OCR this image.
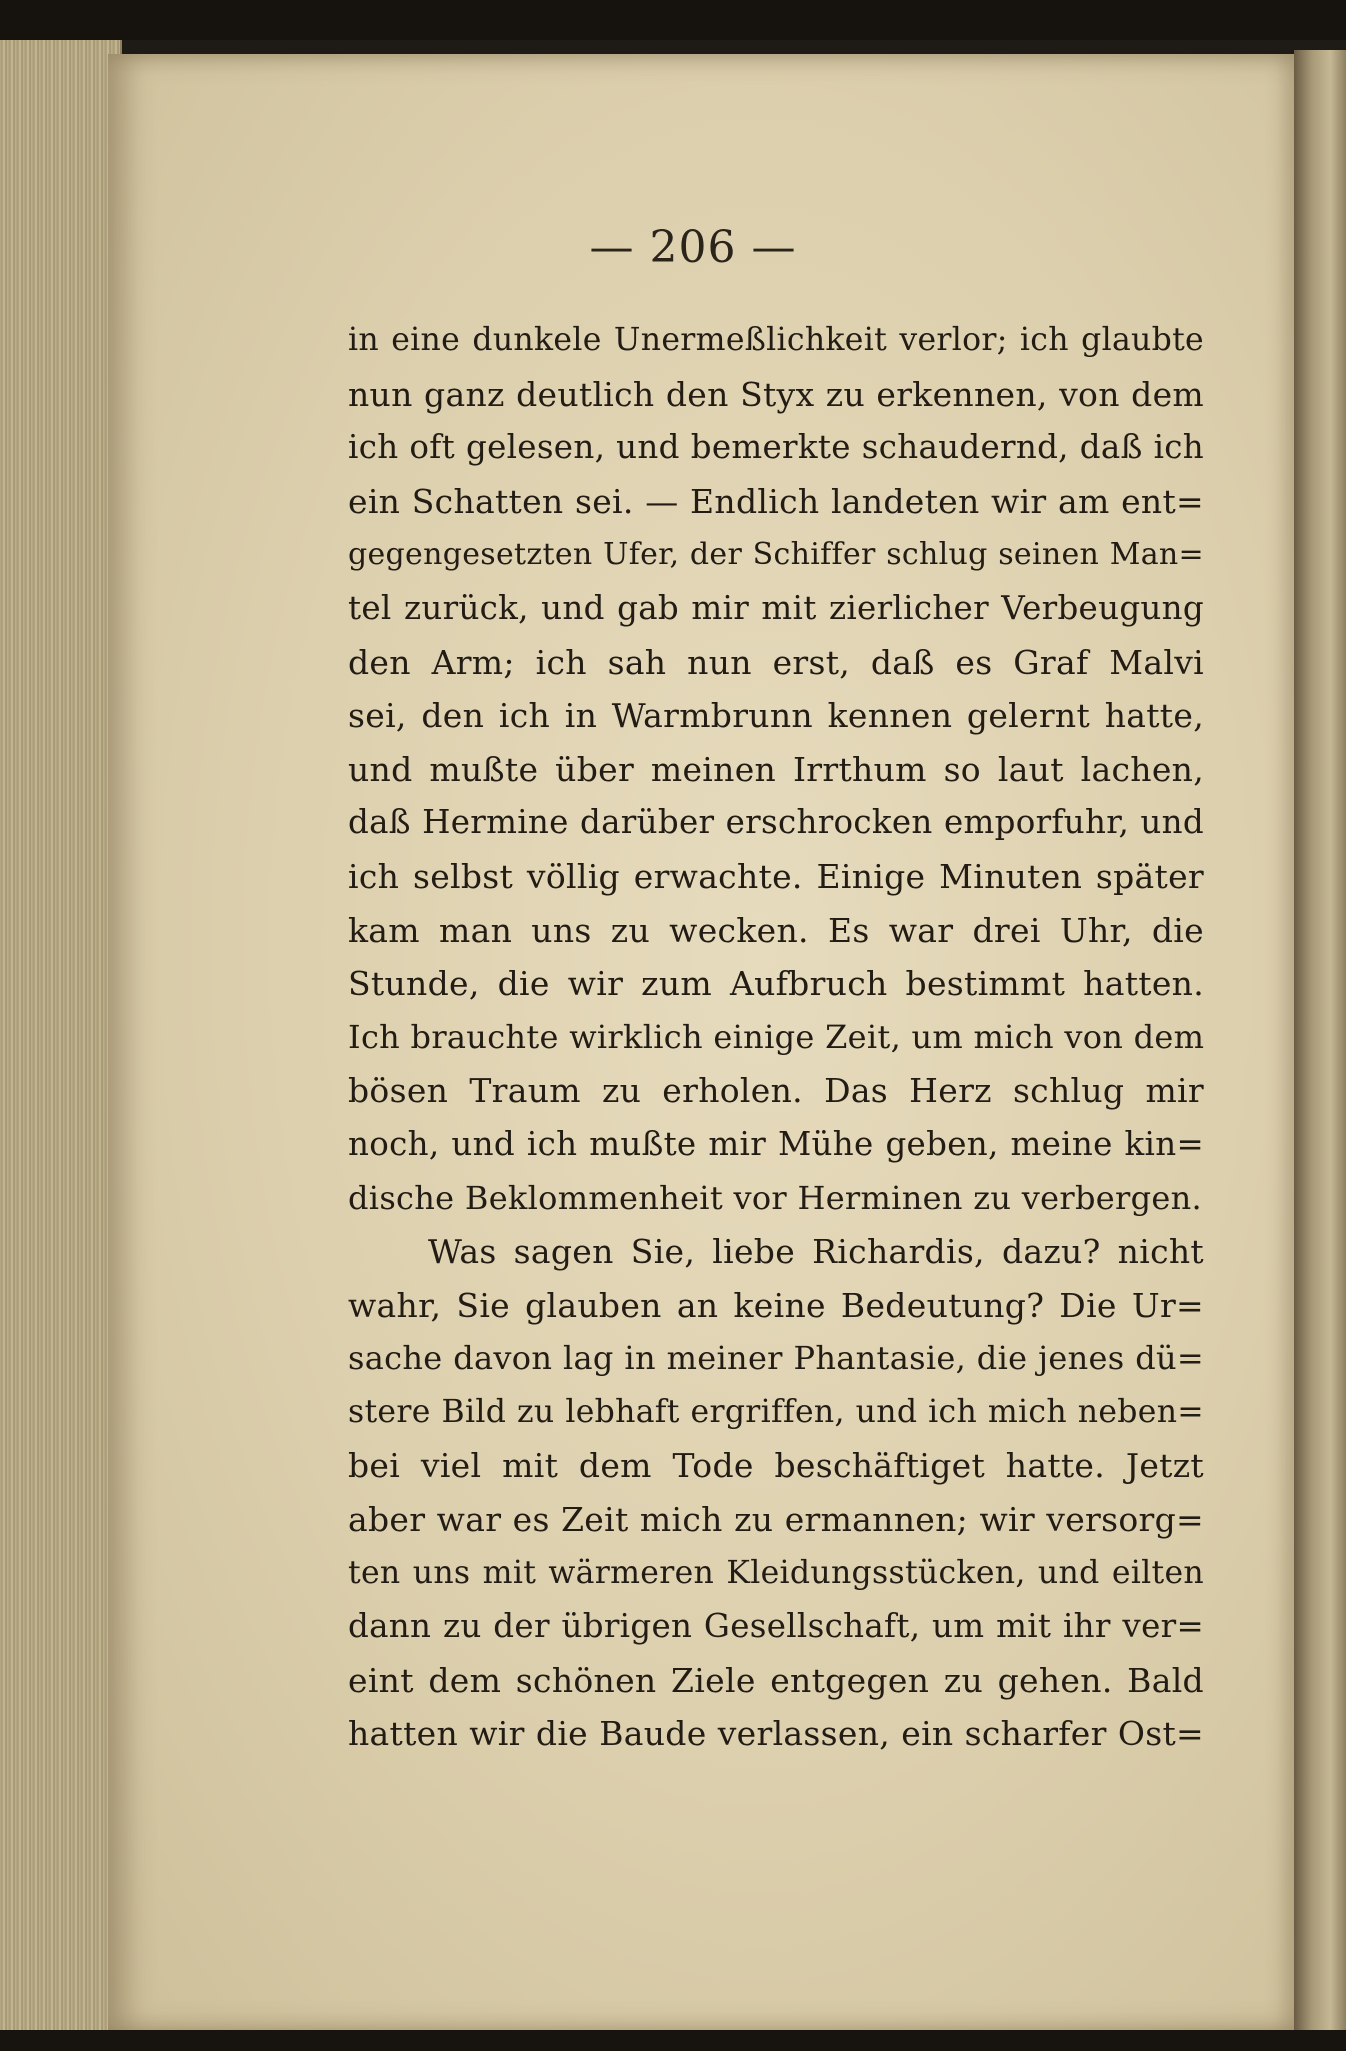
— 206 —
in eine dunkele Unermeßlichkeit verlor; ich glaubte
nun ganz deutlich den Styx zu erkennen, von dem
ich oft gelesen, und bemerkte schaudernd, daß ich
ein Schatten sei. — Endlich landeten wir am ent=
gegengesetzten Ufer, der Schiffer schlug seinen Man=
tel zurück, und gab mir mit zierlicher Verbeugung
den Arm; ich sah nun erst, daß es Graf Malvi
sei, den ich in Warmbrunn kennen gelernt hatte,
und mußte über meinen Irrthum so laut lachen,
daß Hermine darüber erschrocken emporfuhr, und
ich selbst völlig erwachte. Einige Minuten später
kam man uns zu wecken. Es war drei Uhr, die
Stunde, die wir zum Aufbruch bestimmt hatten.
Ich brauchte wirklich einige Zeit, um mich von dem
bösen Traum zu erholen. Das Herz schlug mir
noch, und ich mußte mir Mühe geben, meine kin=
dische Beklommenheit vor Herminen zu verbergen.
Was sagen Sie, liebe Richardis, dazu? nicht
wahr, Sie glauben an keine Bedeutung? Die Ur=
sache davon lag in meiner Phantasie, die jenes dü=
stere Bild zu lebhaft ergriffen, und ich mich neben=
bei viel mit dem Tode beschäftiget hatte. Jetzt
aber war es Zeit mich zu ermannen; wir versorg=
ten uns mit wärmeren Kleidungsstücken, und eilten
dann zu der übrigen Gesellschaft, um mit ihr ver=
eint dem schönen Ziele entgegen zu gehen. Bald
hatten wir die Baude verlassen, ein scharfer Ost=
